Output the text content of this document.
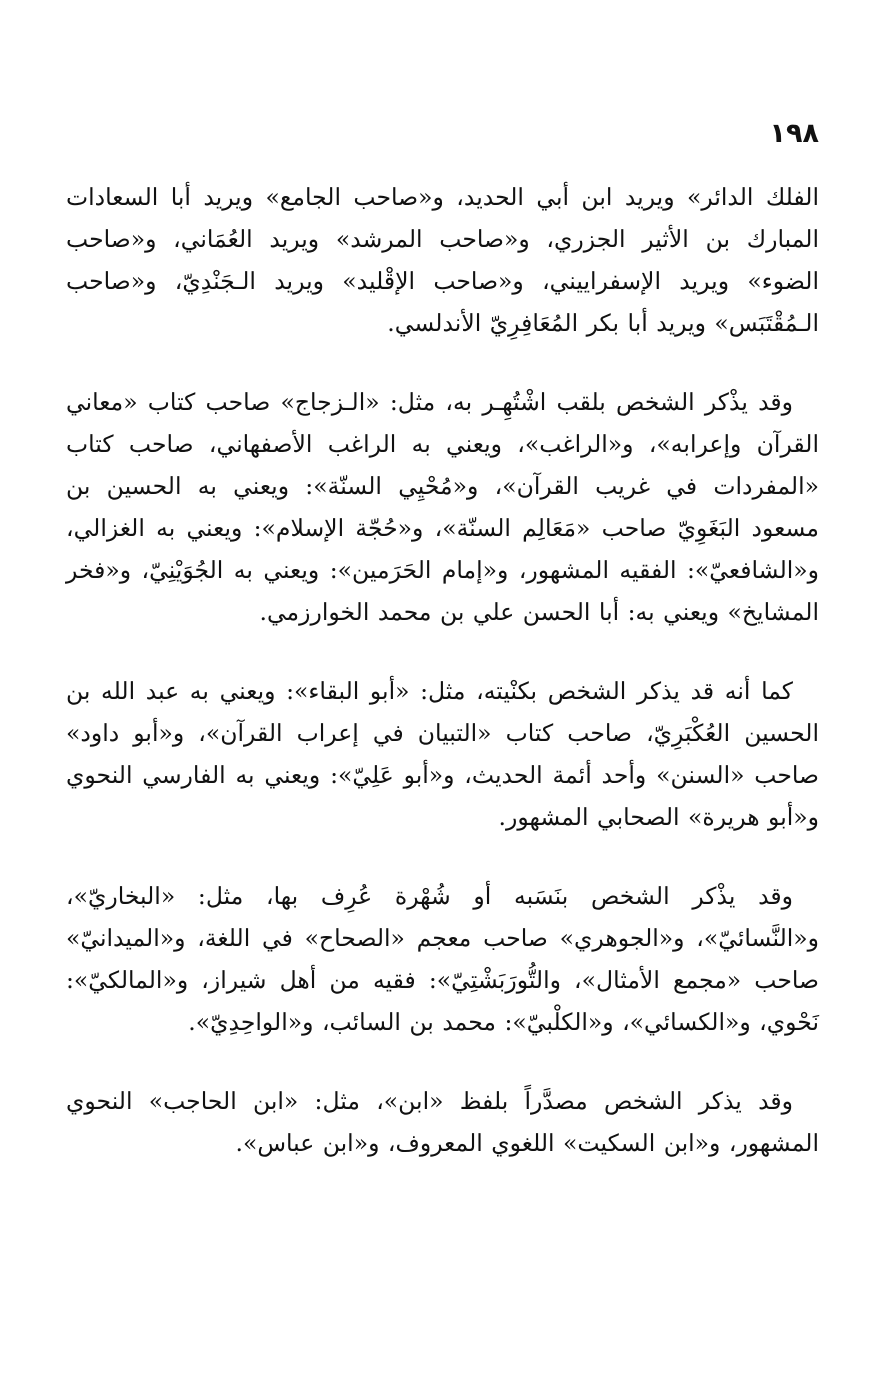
١٩٨

الفلك الدائر» ويريد ابن أبي الحديد، و«صاحب الجامع» ويريد أبا السعادات المبارك بن الأثير الجزري، و«صاحب المرشد» ويريد العُمَاني، و«صاحب الضوء» ويريد الإسفراييني، و«صاحب الإقْليد» ويريد الـجَنْدِيّ، و«صاحب الـمُقْتَبَس» ويريد أبا بكر المُعَافِرِيّ الأندلسي.

وقد يذْكر الشخص بلقب اشْتُهِـر به، مثل: «الـزجاج» صاحب كتاب «معاني القرآن وإعرابه»، و«الراغب»، ويعني به الراغب الأصفهاني، صاحب كتاب «المفردات في غريب القرآن»، و«مُحْيِي السنّة»: ويعني به الحسين بن مسعود البَغَوِيّ صاحب «مَعَالِم السنّة»، و«حُجّة الإسلام»: ويعني به الغزالي، و«الشافعيّ»: الفقيه المشهور، و«إمام الحَرَمين»: ويعني به الجُوَيْنِيّ، و«فخر المشايخ» ويعني به: أبا الحسن علي بن محمد الخوارزمي.

كما أنه قد يذكر الشخص بكنْيته، مثل: «أبو البقاء»: ويعني به عبد الله بن الحسين العُكْبَرِيّ، صاحب كتاب «التبيان في إعراب القرآن»، و«أبو داود» صاحب «السنن» وأحد أئمة الحديث، و«أبو عَلِيّ»: ويعني به الفارسي النحوي و«أبو هريرة» الصحابي المشهور.

وقد يذْكر الشخص بنَسَبه أو شُهْرة عُرِف بها، مثل: «البخاريّ»، و«النَّسائيّ»، و«الجوهري» صاحب معجم «الصحاح» في اللغة، و«الميدانيّ» صاحب «مجمع الأمثال»، والتُّورَبَشْتِيّ»: فقيه من أهل شيراز، و«المالكيّ»: نَحْوي، و«الكسائي»، و«الكلْبيّ»: محمد بن السائب، و«الواحِدِيّ».

وقد يذكر الشخص مصدَّراً بلفظ «ابن»، مثل: «ابن الحاجب» النحوي المشهور، و«ابن السكيت» اللغوي المعروف، و«ابن عباس».
